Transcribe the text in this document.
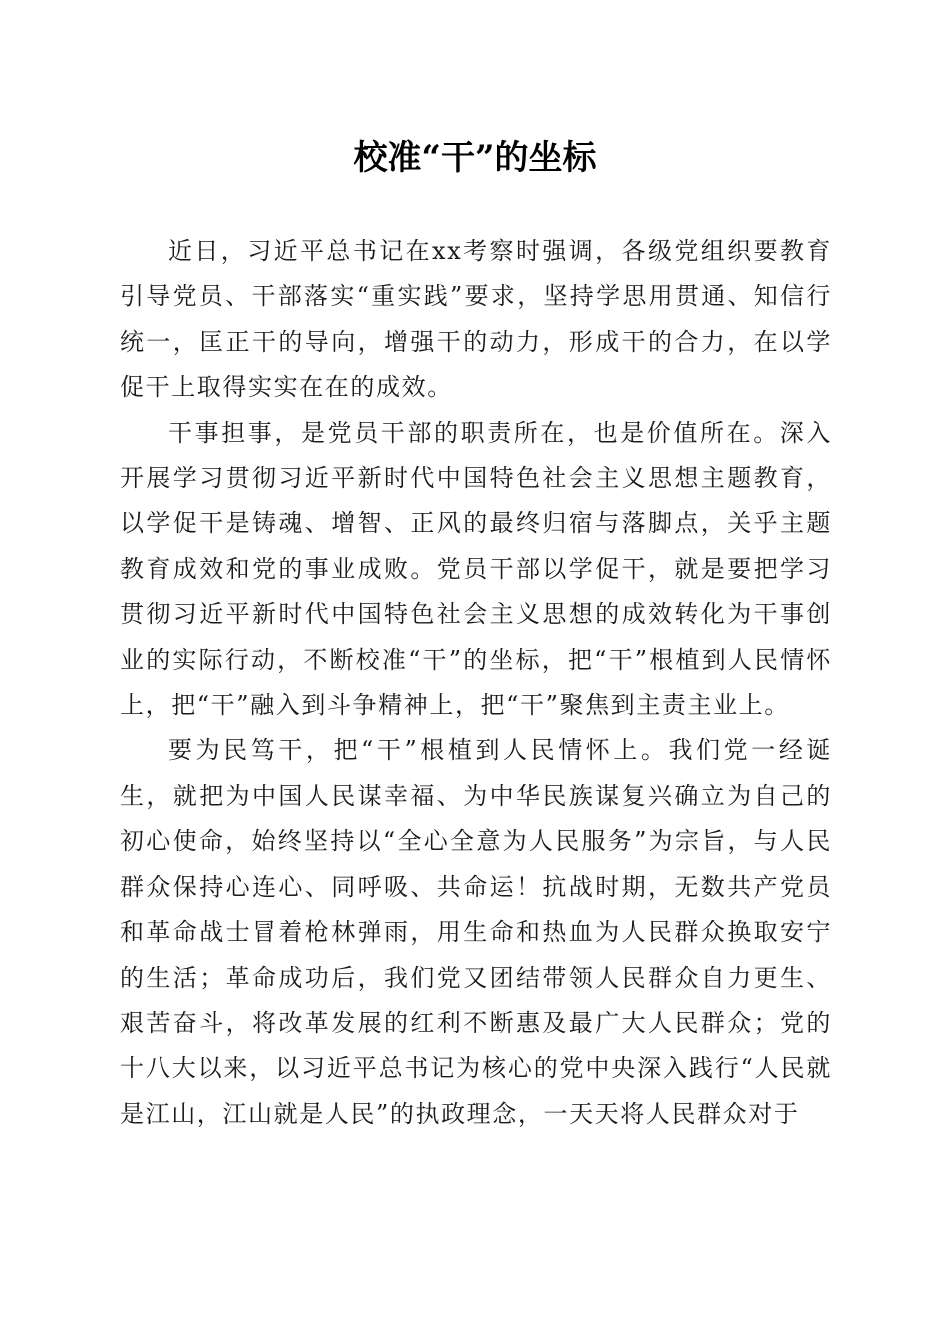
校准“干”的坐标

近日，习近平总书记在xx考察时强调，各级党组织要教育引导党员、干部落实“重实践”要求，坚持学思用贯通、知信行统一，匡正干的导向，增强干的动力，形成干的合力，在以学促干上取得实实在在的成效。

干事担事，是党员干部的职责所在，也是价值所在。深入开展学习贯彻习近平新时代中国特色社会主义思想主题教育，以学促干是铸魂、增智、正风的最终归宿与落脚点，关乎主题教育成效和党的事业成败。党员干部以学促干，就是要把学习贯彻习近平新时代中国特色社会主义思想的成效转化为干事创业的实际行动，不断校准“干”的坐标，把“干”根植到人民情怀上，把“干”融入到斗争精神上，把“干”聚焦到主责主业上。

要为民笃干，把“干”根植到人民情怀上。我们党一经诞生，就把为中国人民谋幸福、为中华民族谋复兴确立为自己的初心使命，始终坚持以“全心全意为人民服务”为宗旨，与人民群众保持心连心、同呼吸、共命运！抗战时期，无数共产党员和革命战士冒着枪林弹雨，用生命和热血为人民群众换取安宁的生活；革命成功后，我们党又团结带领人民群众自力更生、艰苦奋斗，将改革发展的红利不断惠及最广大人民群众；党的十八大以来，以习近平总书记为核心的党中央深入践行“人民就是江山，江山就是人民”的执政理念，一天天将人民群众对于
